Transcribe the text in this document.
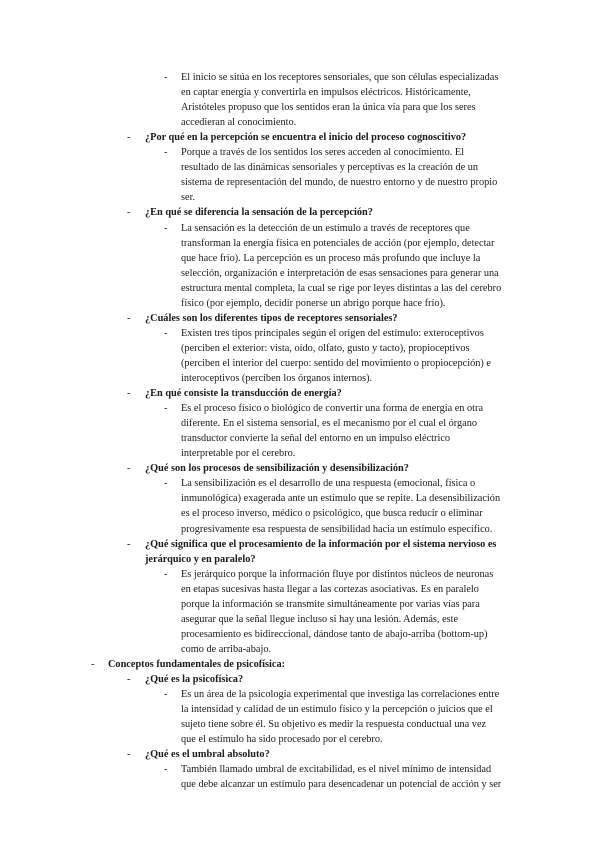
- El inicio se sitúa en los receptores sensoriales, que son células especializadas
en captar energía y convertirla en impulsos eléctricos. Históricamente,
Aristóteles propuso que los sentidos eran la única vía para que los seres
accedieran al conocimiento.
- ¿Por qué en la percepción se encuentra el inicio del proceso cognoscitivo?
- Porque a través de los sentidos los seres acceden al conocimiento. El
resultado de las dinámicas sensoriales y perceptivas es la creación de un
sistema de representación del mundo, de nuestro entorno y de nuestro propio
ser.
- ¿En qué se diferencia la sensación de la percepción?
- La sensación es la detección de un estímulo a través de receptores que
transforman la energía física en potenciales de acción (por ejemplo, detectar
que hace frío). La percepción es un proceso más profundo que incluye la
selección, organización e interpretación de esas sensaciones para generar una
estructura mental completa, la cual se rige por leyes distintas a las del cerebro
físico (por ejemplo, decidir ponerse un abrigo porque hace frío).
- ¿Cuáles son los diferentes tipos de receptores sensoriales?
- Existen tres tipos principales según el origen del estímulo: exteroceptivos
(perciben el exterior: vista, oído, olfato, gusto y tacto), propioceptivos
(perciben el interior del cuerpo: sentido del movimiento o propiocepción) e
interoceptivos (perciben los órganos internos).
- ¿En qué consiste la transducción de energía?
- Es el proceso físico o biológico de convertir una forma de energía en otra
diferente. En el sistema sensorial, es el mecanismo por el cual el órgano
transductor convierte la señal del entorno en un impulso eléctrico
interpretable por el cerebro.
- ¿Qué son los procesos de sensibilización y desensibilización?
- La sensibilización es el desarrollo de una respuesta (emocional, física o
inmunológica) exagerada ante un estímulo que se repite. La desensibilización
es el proceso inverso, médico o psicológico, que busca reducir o eliminar
progresivamente esa respuesta de sensibilidad hacia un estímulo específico.
- ¿Qué significa que el procesamiento de la información por el sistema nervioso es
jerárquico y en paralelo?
- Es jerárquico porque la información fluye por distintos núcleos de neuronas
en etapas sucesivas hasta llegar a las cortezas asociativas. Es en paralelo
porque la información se transmite simultáneamente por varias vías para
asegurar que la señal llegue incluso si hay una lesión. Además, este
procesamiento es bidireccional, dándose tanto de abajo-arriba (bottom-up)
como de arriba-abajo.
- Conceptos fundamentales de psicofísica:
- ¿Qué es la psicofísica?
- Es un área de la psicología experimental que investiga las correlaciones entre
la intensidad y calidad de un estímulo físico y la percepción o juicios que el
sujeto tiene sobre él. Su objetivo es medir la respuesta conductual una vez
que el estímulo ha sido procesado por el cerebro.
- ¿Qué es el umbral absoluto?
- También llamado umbral de excitabilidad, es el nivel mínimo de intensidad
que debe alcanzar un estímulo para desencadenar un potencial de acción y ser
